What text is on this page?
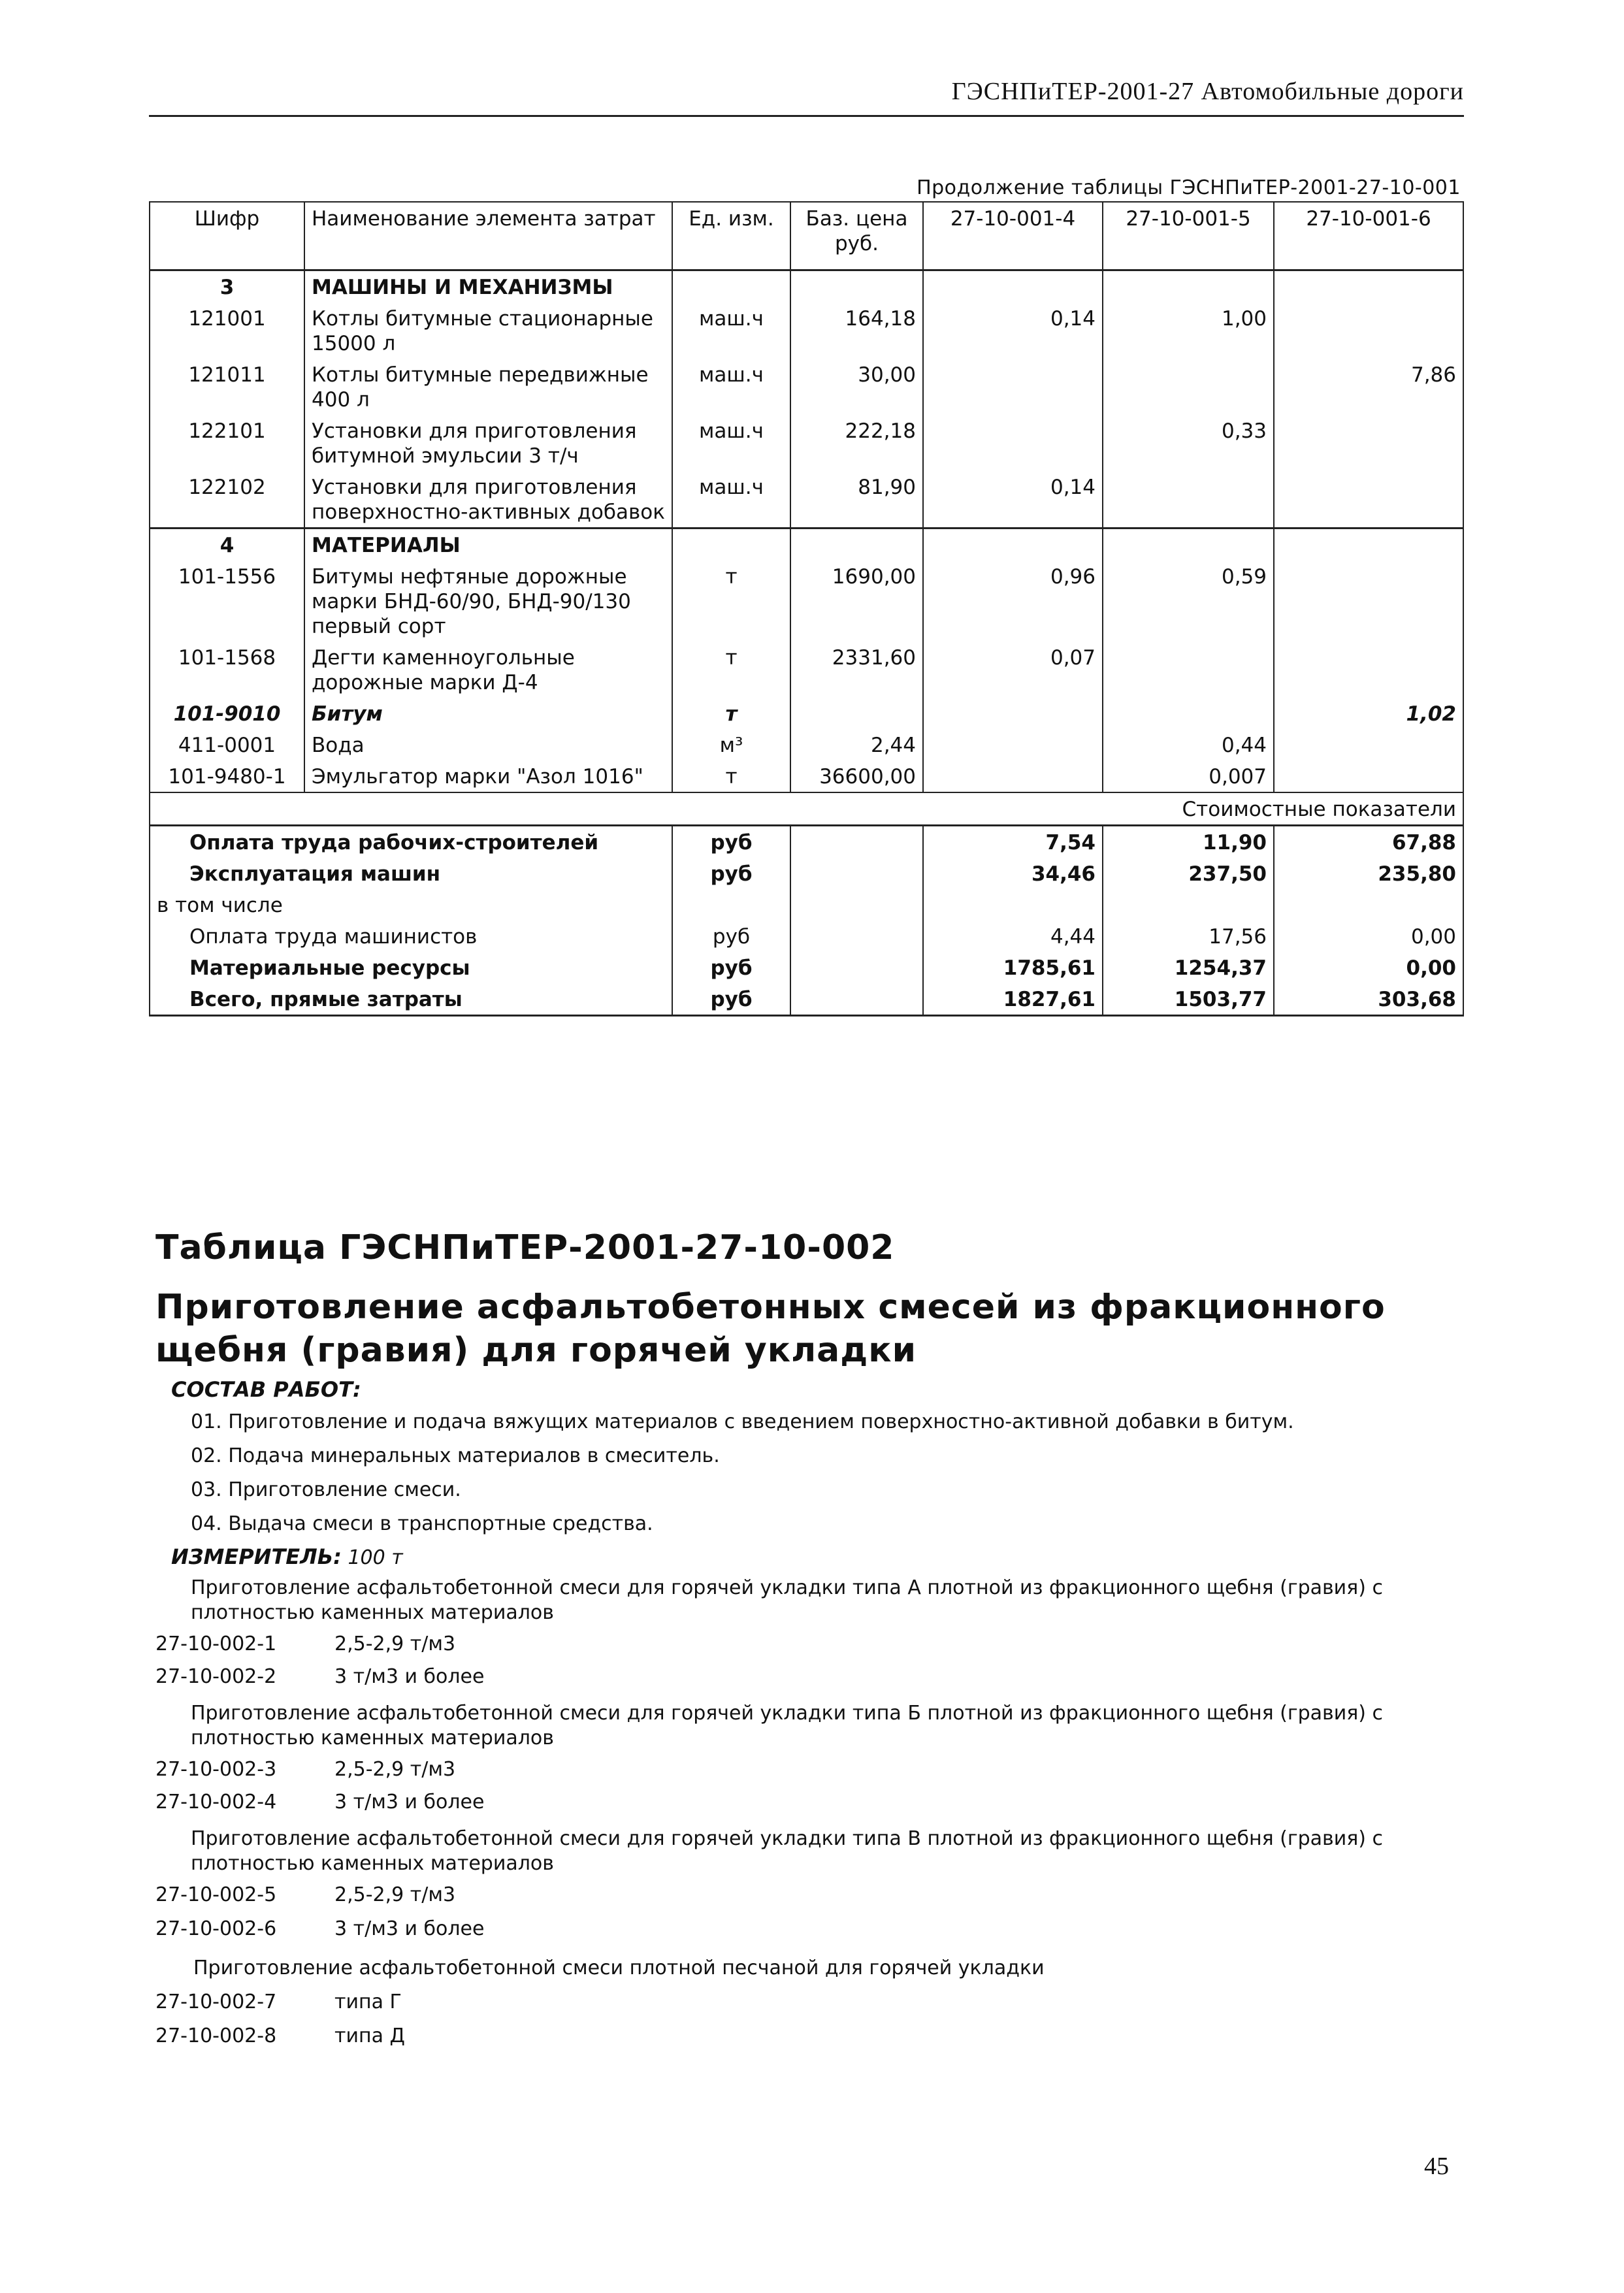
ГЭСНПиТЕР-2001-27 Автомобильные дороги
Продолжение таблицы ГЭСНПиТЕР-2001-27-10-001
Шифр	Наименование элемента затрат	Ед. изм.	Баз. цена руб.	27-10-001-4	27-10-001-5	27-10-001-6
3	МАШИНЫ И МЕХАНИЗМЫ					
121001	Котлы битумные стационарные 15000 л	маш.ч	164,18	0,14	1,00	
121011	Котлы битумные передвижные 400 л	маш.ч	30,00			7,86
122101	Установки для приготовления битумной эмульсии 3 т/ч	маш.ч	222,18		0,33	
122102	Установки для приготовления поверхностно-активных добавок	маш.ч	81,90	0,14		
4	МАТЕРИАЛЫ					
101-1556	Битумы нефтяные дорожные марки БНД-60/90, БНД-90/130 первый сорт	т	1690,00	0,96	0,59	
101-1568	Дегти каменноугольные дорожные марки Д-4	т	2331,60	0,07		
101-9010	Битум	т				1,02
411-0001	Вода	м³	2,44		0,44	
101-9480-1	Эмульгатор марки "Азол 1016"	т	36600,00		0,007	
Стоимостные показатели						
Оплата труда рабочих-строителей		руб		7,54	11,90	67,88
Эксплуатация машин		руб		34,46	237,50	235,80
в том числе						
Оплата труда машинистов		руб		4,44	17,56	0,00
Материальные ресурсы		руб		1785,61	1254,37	0,00
Всего, прямые затраты		руб		1827,61	1503,77	303,68
Таблица ГЭСНПиТЕР-2001-27-10-002
Приготовление асфальтобетонных смесей из фракционного щебня (гравия) для горячей укладки
СОСТАВ РАБОТ:
01. Приготовление и подача вяжущих материалов с введением поверхностно-активной добавки в битум.
02. Подача минеральных материалов в смеситель.
03. Приготовление смеси.
04. Выдача смеси в транспортные средства.
ИЗМЕРИТЕЛЬ: 100 т
Приготовление асфальтобетонной смеси для горячей укладки типа А плотной из фракционного щебня (гравия) с плотностью каменных материалов
27-10-002-1	2,5-2,9 т/м3
27-10-002-2	3 т/м3 и более
Приготовление асфальтобетонной смеси для горячей укладки типа Б плотной из фракционного щебня (гравия) с плотностью каменных материалов
27-10-002-3	2,5-2,9 т/м3
27-10-002-4	3 т/м3 и более
Приготовление асфальтобетонной смеси для горячей укладки типа В плотной из фракционного щебня (гравия) с плотностью каменных материалов
27-10-002-5	2,5-2,9 т/м3
27-10-002-6	3 т/м3 и более
Приготовление асфальтобетонной смеси плотной песчаной для горячей укладки
27-10-002-7	типа Г
27-10-002-8	типа Д
45
